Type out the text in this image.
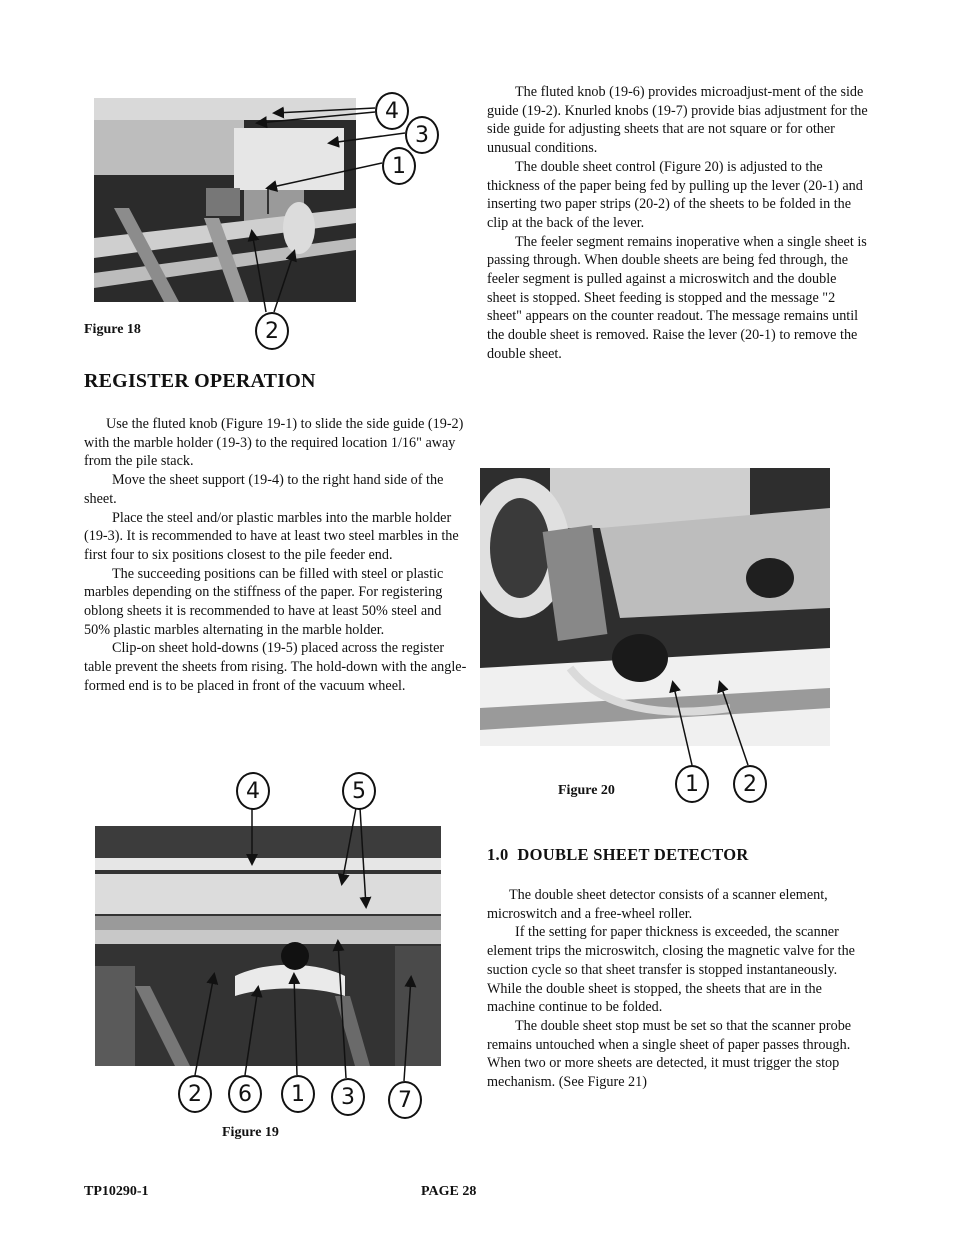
4
3
1
2
Figure 18
REGISTER OPERATION

Use the fluted knob (Figure 19-1) to slide the side guide (19-2) with the marble holder (19-3) to the required location 1/16" away from the pile stack.

Move the sheet support (19-4) to the right hand side of the sheet.

Place the steel and/or plastic marbles into the marble holder (19-3). It is recommended to have at least two steel marbles in the first four to six positions closest to the pile feeder end.

The succeeding positions can be filled with steel or plastic marbles depending on the stiffness of the paper. For registering oblong sheets it is recommended to have at least 50% steel and 50% plastic marbles alternating in the marble holder.

Clip-on sheet hold-downs (19-5) placed across the register table prevent the sheets from rising. The hold-down with the angle-formed end is to be placed in front of the vacuum wheel.

The fluted knob (19-6) provides microadjust-ment of the side guide (19-2). Knurled knobs (19-7) provide bias adjustment for the side guide for adjusting sheets that are not square or for other unusual conditions.

The double sheet control (Figure 20) is adjusted to the thickness of the paper being fed by pulling up the lever (20-1) and inserting two paper strips (20-2) of the sheets to be folded in the clip at the back of the lever.

The feeler segment remains inoperative when a single sheet is passing through. When double sheets are being fed through, the feeler segment is pulled against a microswitch and the double sheet is stopped. Sheet feeding is stopped and the message "2 sheet" appears on the counter readout. The message remains until the double sheet is removed. Raise the lever (20-1) to remove the double sheet.

1	2
Figure 20
4	5
2	6	1	3	7
Figure 19
1.0  DOUBLE SHEET DETECTOR

The double sheet detector consists of a scanner element, microswitch and a free-wheel roller.

If the setting for paper thickness is exceeded, the scanner element trips the microswitch, closing the magnetic valve for the suction cycle so that sheet transfer is stopped instantaneously. While the double sheet is stopped, the sheets that are in the machine continue to be folded.

The double sheet stop must be set so that the scanner probe remains untouched when a single sheet of paper passes through. When two or more sheets are detected, it must trigger the stop mechanism. (See Figure 21)

TP10290-1	PAGE 28
